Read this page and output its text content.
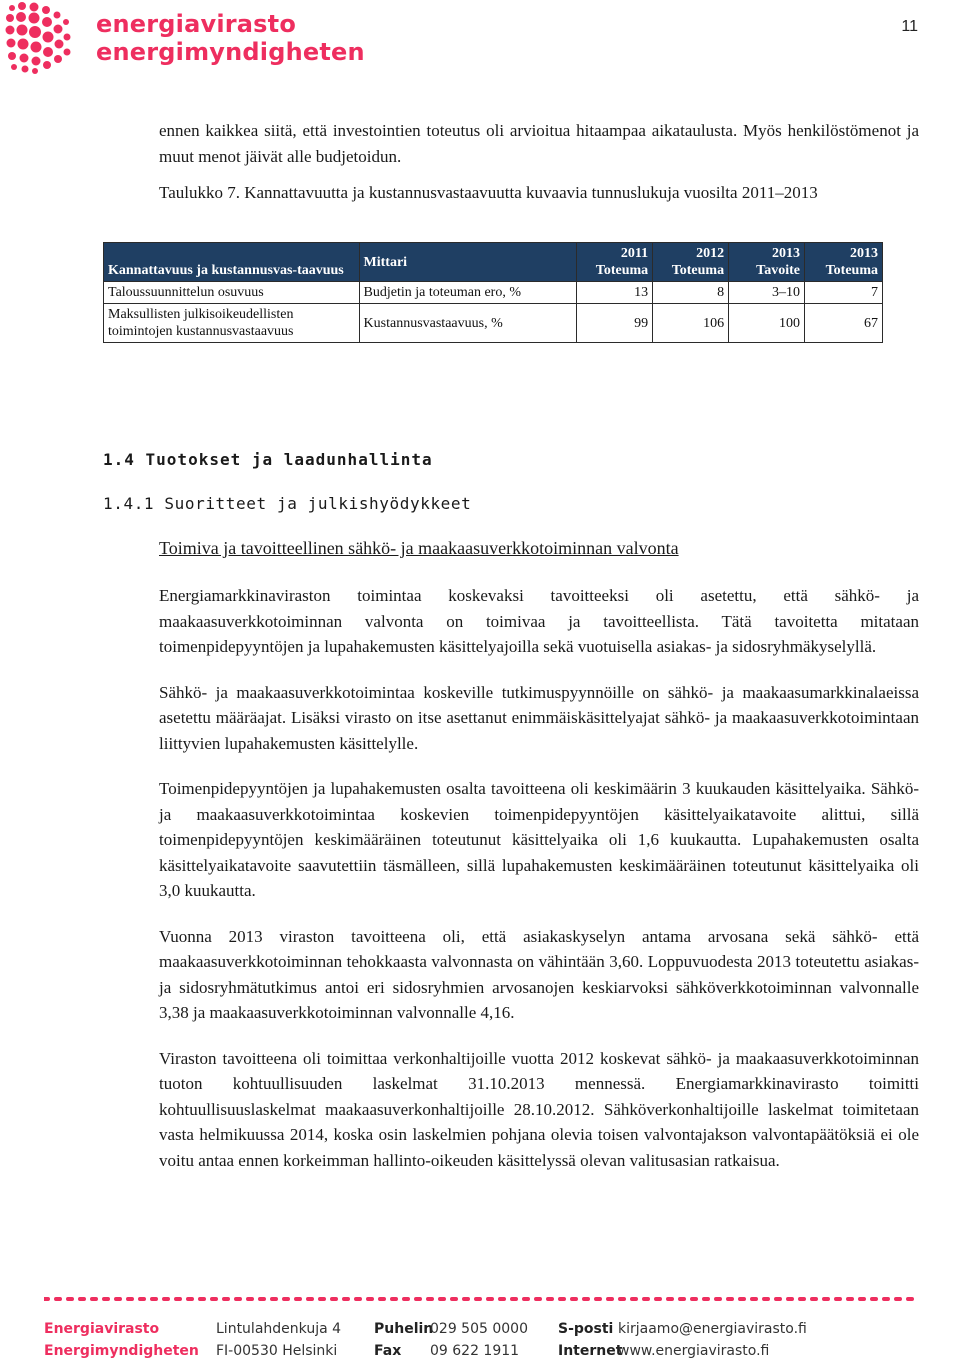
energiavirasto
energimyndigheten
11

ennen kaikkea siitä, että investointien toteutus oli arvioitua hitaampaa aikataulusta. Myös henkilöstömenot ja muut menot jäivät alle budjetoidun.

Taulukko 7. Kannattavuutta ja kustannusvastaavuutta kuvaavia tunnuslukuja vuosilta 2011–2013
Kannattavuus ja kustannusvas-taavuus	Mittari	2011 Toteuma	2012 Toteuma	2013 Tavoite	2013 Toteuma
Taloussuunnittelun osuvuus	Budjetin ja toteuman ero, %	13	8	3–10	7
Maksullisten julkisoikeudellisten toimintojen kustannusvastaavuus	Kustannusvastaavuus, %	99	106	100	67
1.4 Tuotokset ja laadunhallinta
1.4.1 Suoritteet ja julkishyödykkeet
Toimiva ja tavoitteellinen sähkö- ja maakaasuverkkotoiminnan valvonta

Energiamarkkinaviraston toimintaa koskevaksi tavoitteeksi oli asetettu, että sähkö- ja maakaasuverkkotoiminnan valvonta on toimivaa ja tavoitteellista. Tätä tavoitetta mitataan toimenpidepyyntöjen ja lupahakemusten käsittelyajoilla sekä vuotuisella asiakas- ja sidosryhmäkyselyllä.

Sähkö- ja maakaasuverkkotoimintaa koskeville tutkimuspyynnöille on sähkö- ja maakaasumarkkinalaeissa asetettu määräajat. Lisäksi virasto on itse asettanut enimmäiskäsittelyajat sähkö- ja maakaasuverkkotoimintaan liittyvien lupahakemusten käsittelylle.

Toimenpidepyyntöjen ja lupahakemusten osalta tavoitteena oli keskimäärin 3 kuukauden käsittelyaika. Sähkö- ja maakaasuverkkotoimintaa koskevien toimenpidepyyntöjen käsittelyaikatavoite alittui, sillä toimenpidepyyntöjen keskimääräinen toteutunut käsittelyaika oli 1,6 kuukautta. Lupahakemusten osalta käsittelyaikatavoite saavutettiin täsmälleen, sillä lupahakemusten keskimääräinen toteutunut käsittelyaika oli 3,0 kuukautta.

Vuonna 2013 viraston tavoitteena oli, että asiakaskyselyn antama arvosana sekä sähkö- että maakaasuverkkotoiminnan tehokkaasta valvonnasta on vähintään 3,60. Loppuvuodesta 2013 toteutettu asiakas- ja sidosryhmätutkimus antoi eri sidosryhmien arvosanojen keskiarvoksi sähköverkkotoiminnan valvonnalle 3,38 ja maakaasuverkkotoiminnan valvonnalle 4,16.

Viraston tavoitteena oli toimittaa verkonhaltijoille vuotta 2012 koskevat sähkö- ja maakaasuverkkotoiminnan tuoton kohtuullisuuden laskelmat 31.10.2013 mennessä. Energiamarkkinavirasto toimitti kohtuullisuuslaskelmat maakaasuverkonhaltijoille 28.10.2012. Sähköverkonhaltijoille laskelmat toimitetaan vasta helmikuussa 2014, koska osin laskelmien pohjana olevia toisen valvontajakson valvontapäätöksiä ei ole voitu antaa ennen korkeimman hallinto-oikeuden käsittelyssä olevan valitusasian ratkaisua.

Energiavirasto
Energimyndigheten
Lintulahdenkuja 4
FI-00530 Helsinki
Puhelin
Fax
029 505 0000
09 622 1911
S-posti
Internet
kirjaamo@energiavirasto.fi
www.energiavirasto.fi
